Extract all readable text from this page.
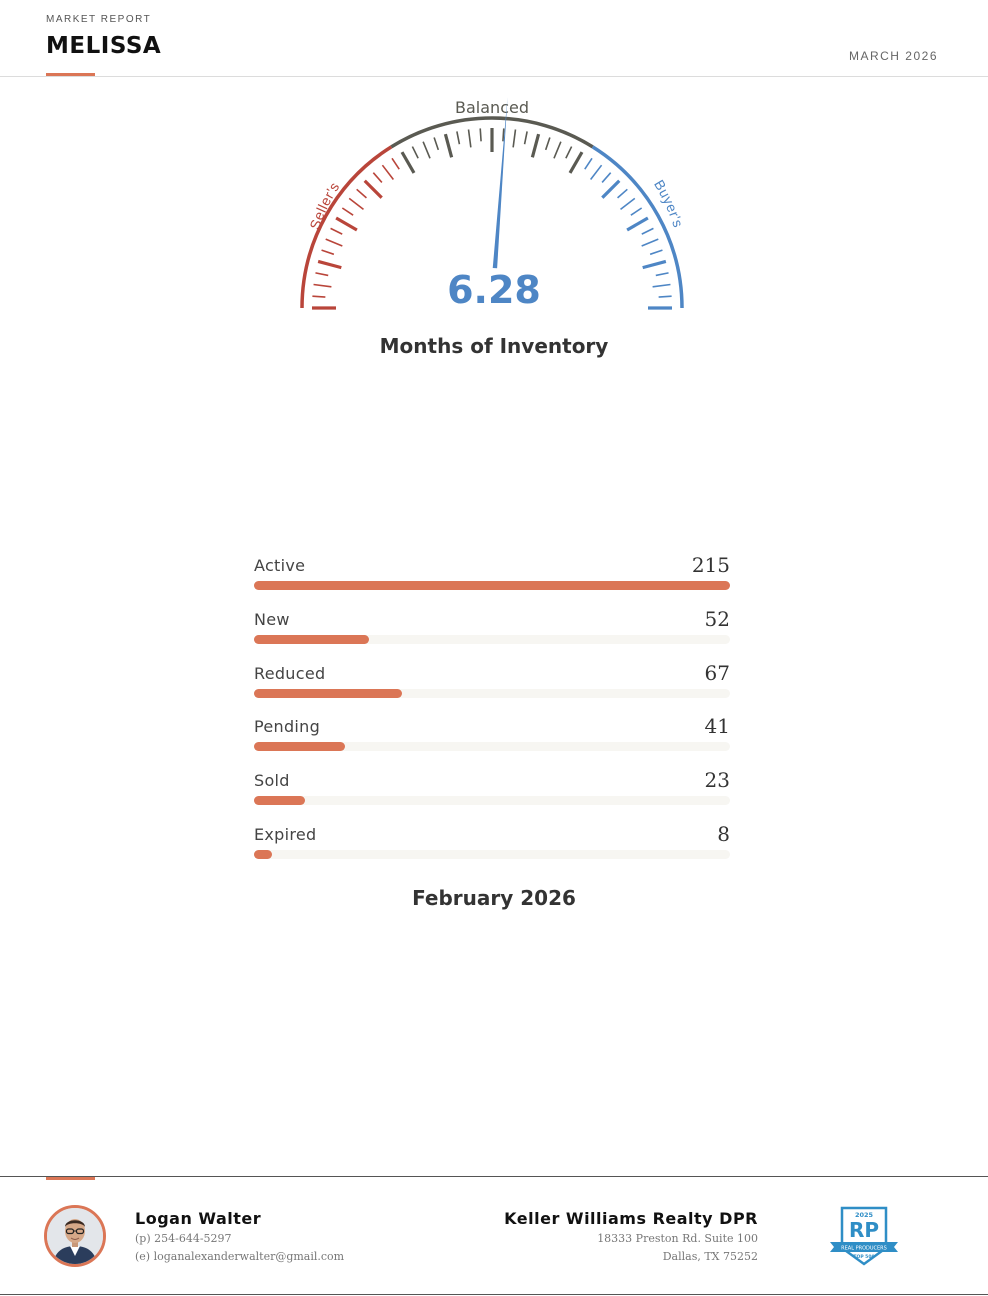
MARKET REPORT
MELISSA	MARCH 2026
Seller's
Balanced
Buyer's
6.28
Months of Inventory
Active	215
New	52
Reduced	67
Pending	41
Sold	23
Expired	8
February 2026
Logan Walter
(p) 254-644-5297
(e) loganalexanderwalter@gmail.com
Keller Williams Realty DPR
18333 Preston Rd. Suite 100
Dallas, TX 75252
2025
RP
REAL PRODUCERS
TOP 500
